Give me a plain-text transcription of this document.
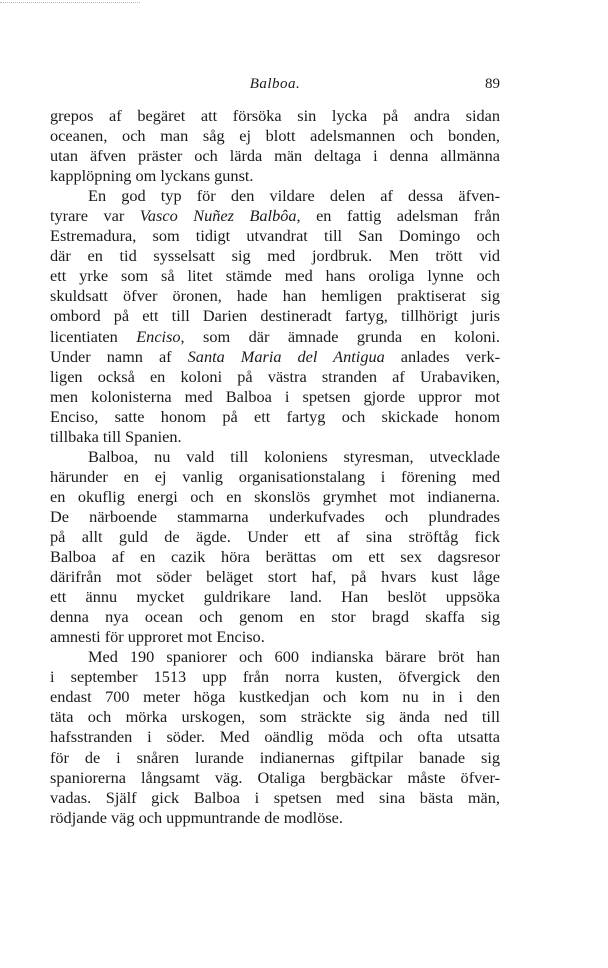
Balboa.	89
grepos af begäret att försöka sin lycka på andra sidan
oceanen, och man såg ej blott adelsmannen och bonden,
utan äfven präster och lärda män deltaga i denna allmänna
kapplöpning om lyckans gunst.
En god typ för den vildare delen af dessa äfven-
tyrare var Vasco Nuñez Balbôa, en fattig adelsman från
Estremadura, som tidigt utvandrat till San Domingo och
där en tid sysselsatt sig med jordbruk. Men trött vid
ett yrke som så litet stämde med hans oroliga lynne och
skuldsatt öfver öronen, hade han hemligen praktiserat sig
ombord på ett till Darien destineradt fartyg, tillhörigt juris
licentiaten Enciso, som där ämnade grunda en koloni.
Under namn af Santa Maria del Antigua anlades verk-
ligen också en koloni på västra stranden af Urabaviken,
men kolonisterna med Balboa i spetsen gjorde uppror mot
Enciso, satte honom på ett fartyg och skickade honom
tillbaka till Spanien.
Balboa, nu vald till koloniens styresman, utvecklade
härunder en ej vanlig organisationstalang i förening med
en okuflig energi och en skonslös grymhet mot indianerna.
De närboende stammarna underkufvades och plundrades
på allt guld de ägde. Under ett af sina ströftåg fick
Balboa af en cazik höra berättas om ett sex dagsresor
därifrån mot söder beläget stort haf, på hvars kust låge
ett ännu mycket guldrikare land. Han beslöt uppsöka
denna nya ocean och genom en stor bragd skaffa sig
amnesti för upproret mot Enciso.
Med 190 spaniorer och 600 indianska bärare bröt han
i september 1513 upp från norra kusten, öfvergick den
endast 700 meter höga kustkedjan och kom nu in i den
täta och mörka urskogen, som sträckte sig ända ned till
hafsstranden i söder. Med oändlig möda och ofta utsatta
för de i snåren lurande indianernas giftpilar banade sig
spaniorerna långsamt väg. Otaliga bergbäckar måste öfver-
vadas. Själf gick Balboa i spetsen med sina bästa män,
rödjande väg och uppmuntrande de modlöse.
